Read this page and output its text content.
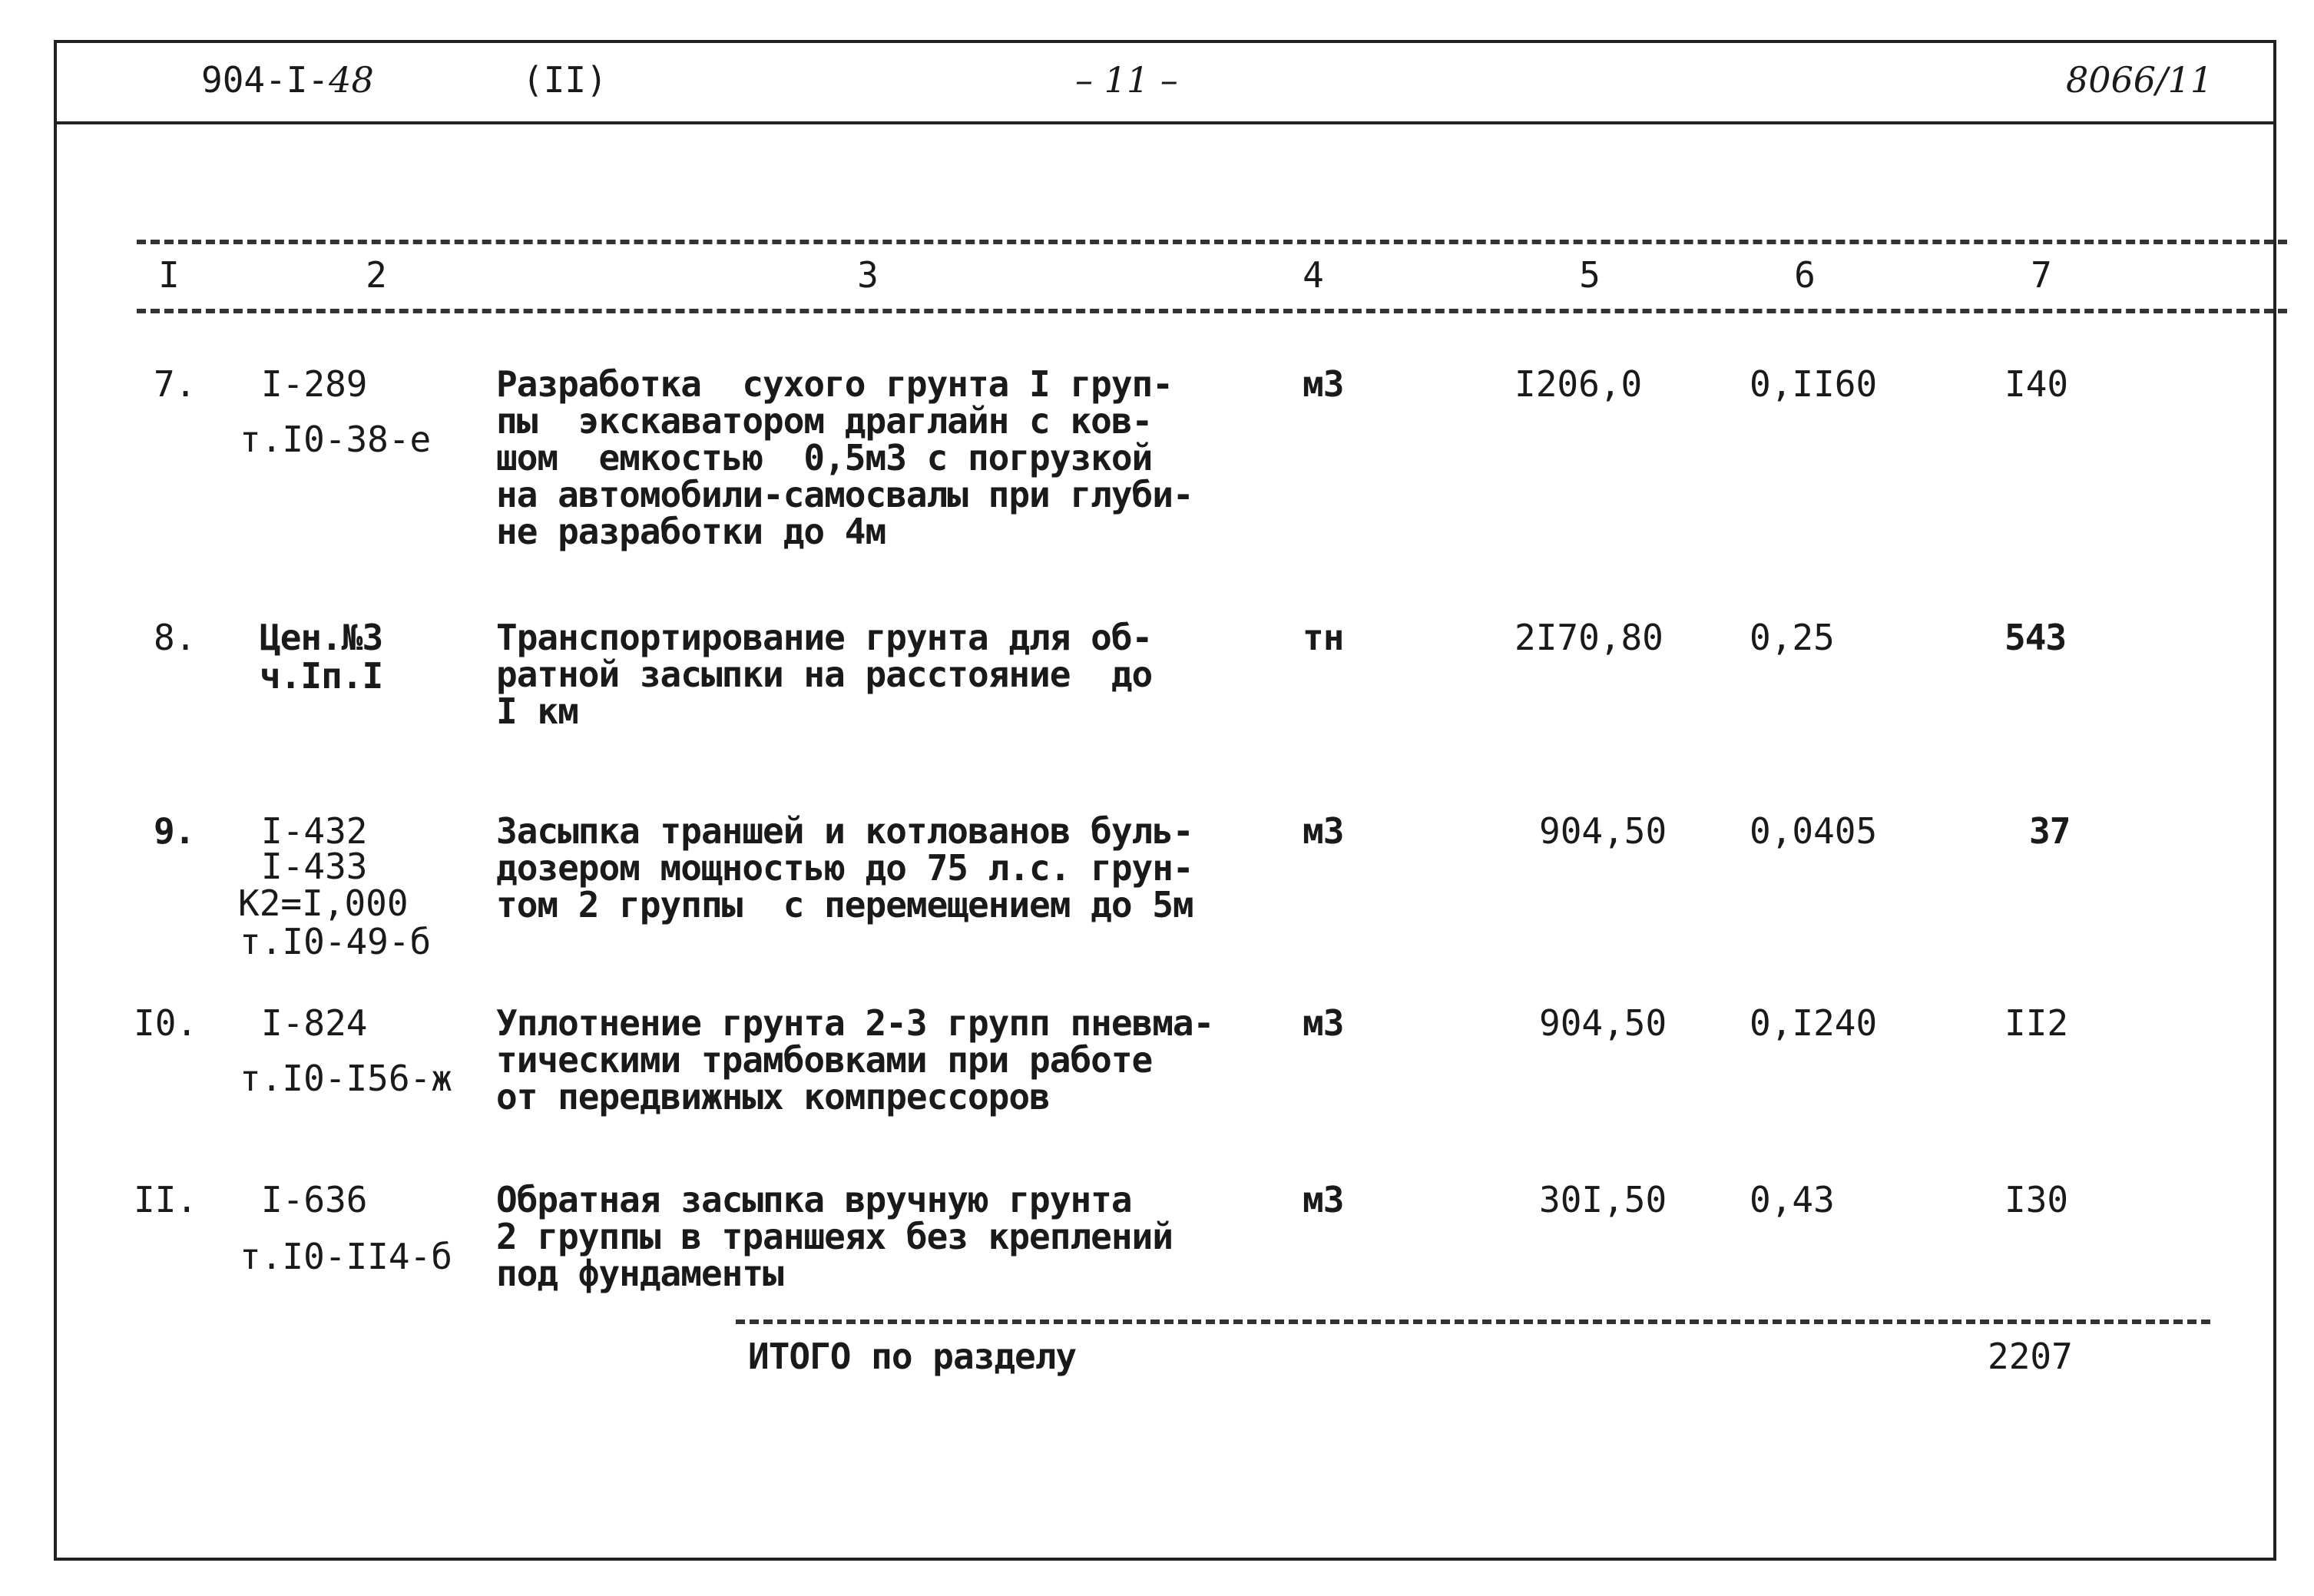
904-I-48	(II)	– 11 –	8066/11
I	2	3	4	5	6	7
7. I-289
т.I0-38-е
Разработка  сухого грунта I груп-
пы  экскаватором драглайн с ков-
шом  емкостью  0,5м3 с погрузкой
на автомобили-самосвалы при глуби-
не разработки до 4м
м3	I206,0	0,II60	I40
8. Цен.№3
ч.Iп.I
Транспортирование грунта для об-
ратной засыпки на расстояние  до
I км
тн	2I70,80 0,25	543
9. I-432
I-433
К2=I,000
т.I0-49-б
Засыпка траншей и котлованов буль-
дозером мощностью до 75 л.с. грун-
том 2 группы  с перемещением до 5м
м3	904,50 0,0405	37
I0. I-824
т.I0-I56-ж
Уплотнение грунта 2-3 групп пневма-
тическими трамбовками при работе
от передвижных компрессоров
м3	904,50 0,I240	II2
II. I-636
т.I0-II4-б
Обратная засыпка вручную грунта
2 группы в траншеях без креплений
под фундаменты
м3	30I,50 0,43	I30
ИТОГО по разделу	2207
